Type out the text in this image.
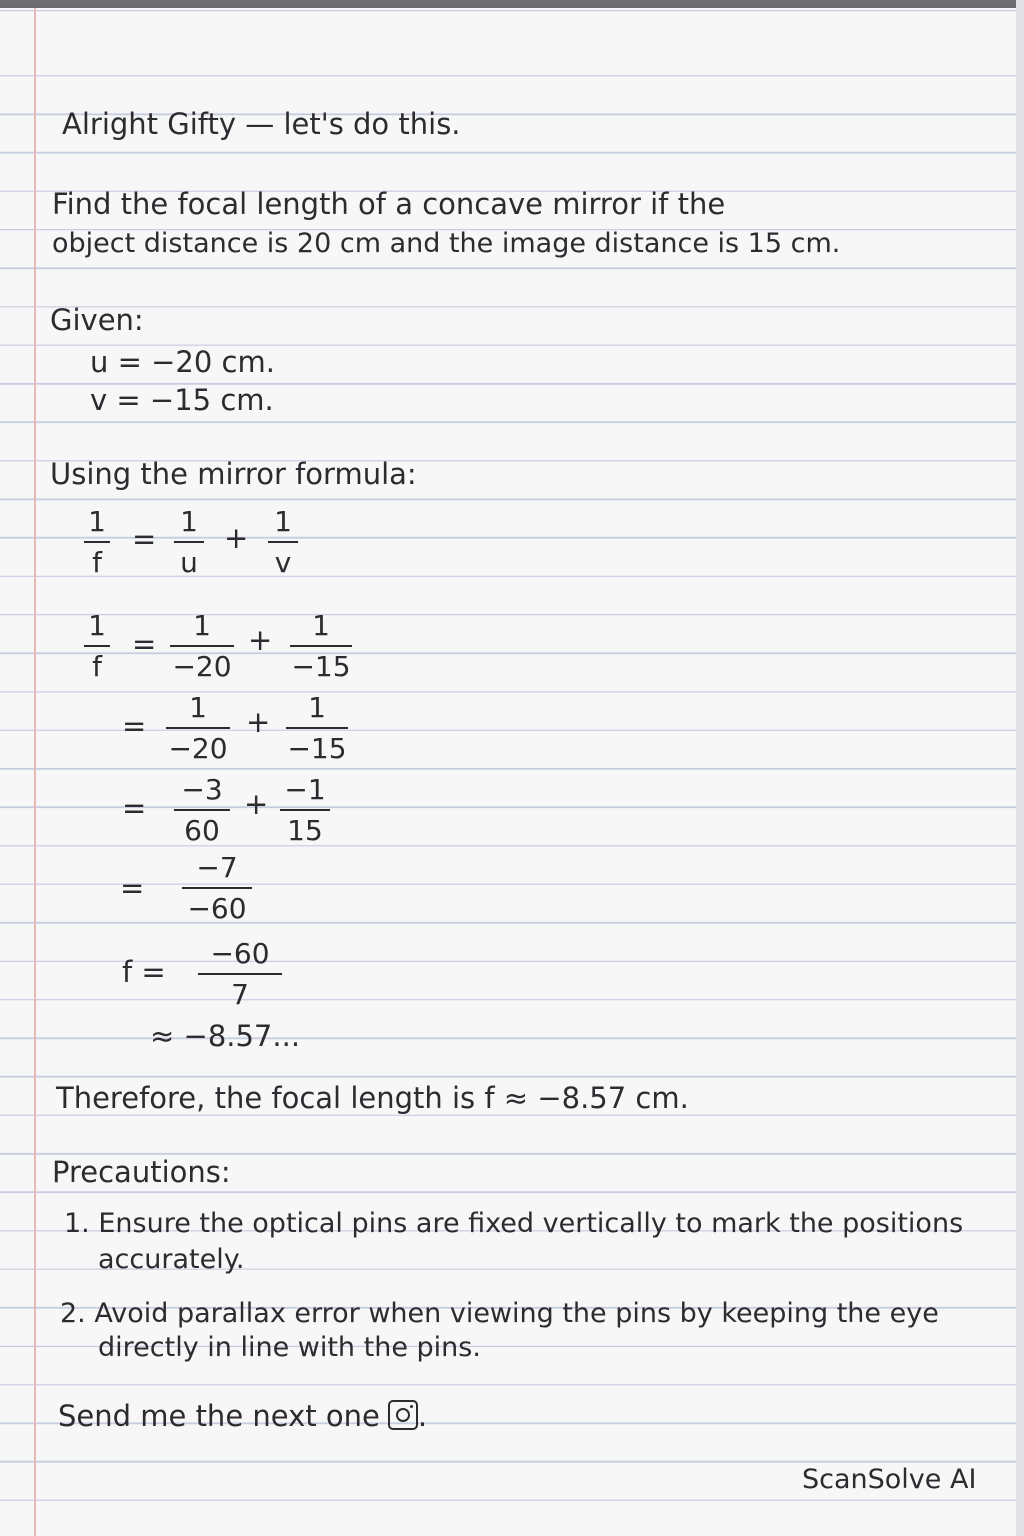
Alright Gifty — let's do this.
Find the focal length of a concave mirror if the
object distance is 20 cm and the image distance is 15 cm.
Given:
u = −20 cm.
v = −15 cm.
Using the mirror formula:
1
f
=
1
u
+ 1
v
1
f
=
1
−20
+ 1
−15
=
1
−20
+ 1
−15
=
−3
60
+ −1
15
=
−7
−60
f =
−60
7
≈ −8.57...
Therefore, the focal length is f ≈ −8.57 cm.
Precautions:
1. Ensure the optical pins are fixed vertically to mark the positions
accurately.
2. Avoid parallax error when viewing the pins by keeping the eye
directly in line with the pins.
Send me the next one .
ScanSolve AI
